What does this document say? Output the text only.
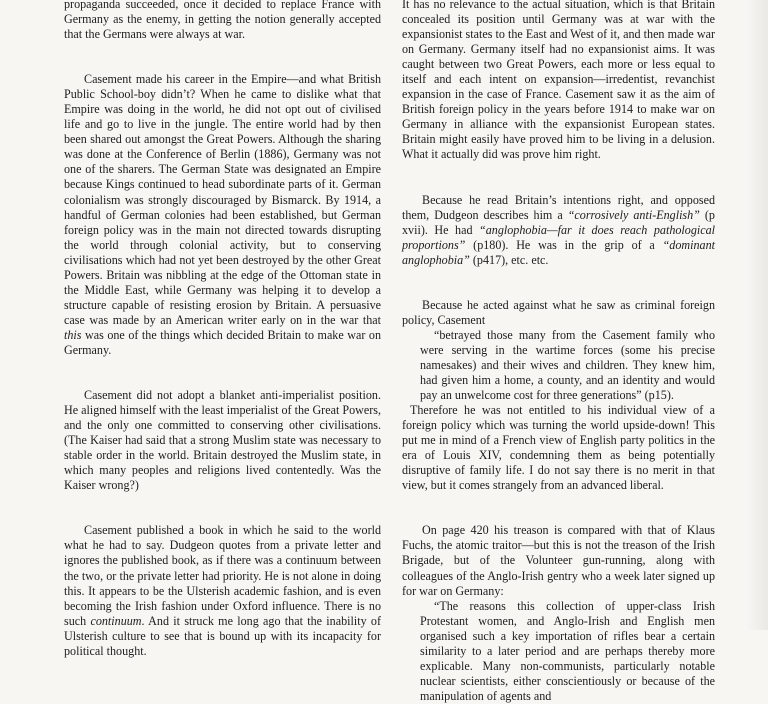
propaganda succeeded, once it decided to replace France with Germany as the enemy, in getting the notion generally accepted that the Germans were always at war.

Casement made his career in the Empire—and what British Public School-boy didn’t? When he came to dislike what that Empire was doing in the world, he did not opt out of civilised life and go to live in the jungle. The entire world had by then been shared out amongst the Great Powers. Although the sharing was done at the Conference of Berlin (1886), Germany was not one of the sharers. The German State was designated an Empire because Kings continued to head subordinate parts of it. German colonialism was strongly discouraged by Bismarck. By 1914, a handful of German colonies had been established, but German foreign policy was in the main not directed towards disrupting the world through colonial activity, but to conserving civilisations which had not yet been destroyed by the other Great Powers. Britain was nibbling at the edge of the Ottoman state in the Middle East, while Germany was helping it to develop a structure capable of resisting erosion by Britain. A persuasive case was made by an American writer early on in the war that this was one of the things which decided Britain to make war on Germany.

Casement did not adopt a blanket anti-imperialist position. He aligned himself with the least imperialist of the Great Powers, and the only one committed to conserving other civilisations. (The Kaiser had said that a strong Muslim state was necessary to stable order in the world. Britain destroyed the Muslim state, in which many peoples and religions lived contentedly. Was the Kaiser wrong?)

Casement published a book in which he said to the world what he had to say. Dudgeon quotes from a private letter and ignores the published book, as if there was a continuum between the two, or the private letter had priority. He is not alone in doing this. It appears to be the Ulsterish academic fashion, and is even becoming the Irish fashion under Oxford influence. There is no such continuum. And it struck me long ago that the inability of Ulsterish culture to see that is bound up with its incapacity for political thought.

It has no relevance to the actual situation, which is that Britain concealed its position until Germany was at war with the expansionist states to the East and West of it, and then made war on Germany. Germany itself had no expansionist aims. It was caught between two Great Powers, each more or less equal to itself and each intent on expansion—irredentist, revanchist expansion in the case of France. Casement saw it as the aim of British foreign policy in the years before 1914 to make war on Germany in alliance with the expansionist European states. Britain might easily have proved him to be living in a delusion. What it actually did was prove him right.

Because he read Britain’s intentions right, and opposed them, Dudgeon describes him a “corrosively anti-English” (p xvii). He had “anglophobia—far it does reach pathological proportions” (p180). He was in the grip of a “dominant anglophobia” (p417), etc. etc.

Because he acted against what he saw as criminal foreign policy, Casement

“betrayed those many from the Casement family who were serving in the wartime forces (some his precise namesakes) and their wives and children. They knew him, had given him a home, a county, and an identity and would pay an unwelcome cost for three generations” (p15).

Therefore he was not entitled to his individual view of a foreign policy which was turning the world upside-down! This put me in mind of a French view of English party politics in the era of Louis XIV, condemning them as being potentially disruptive of family life. I do not say there is no merit in that view, but it comes strangely from an advanced liberal.

On page 420 his treason is compared with that of Klaus Fuchs, the atomic traitor—but this is not the treason of the Irish Brigade, but of the Volunteer gun-running, along with colleagues of the Anglo-Irish gentry who a week later signed up for war on Germany:

“The reasons this collection of upper-class Irish Protestant women, and Anglo-Irish and English men organised such a key importation of rifles bear a certain similarity to a later period and are perhaps thereby more explicable. Many non-communists, particularly notable nuclear scientists, either conscientiously or because of the manipulation of agents and
